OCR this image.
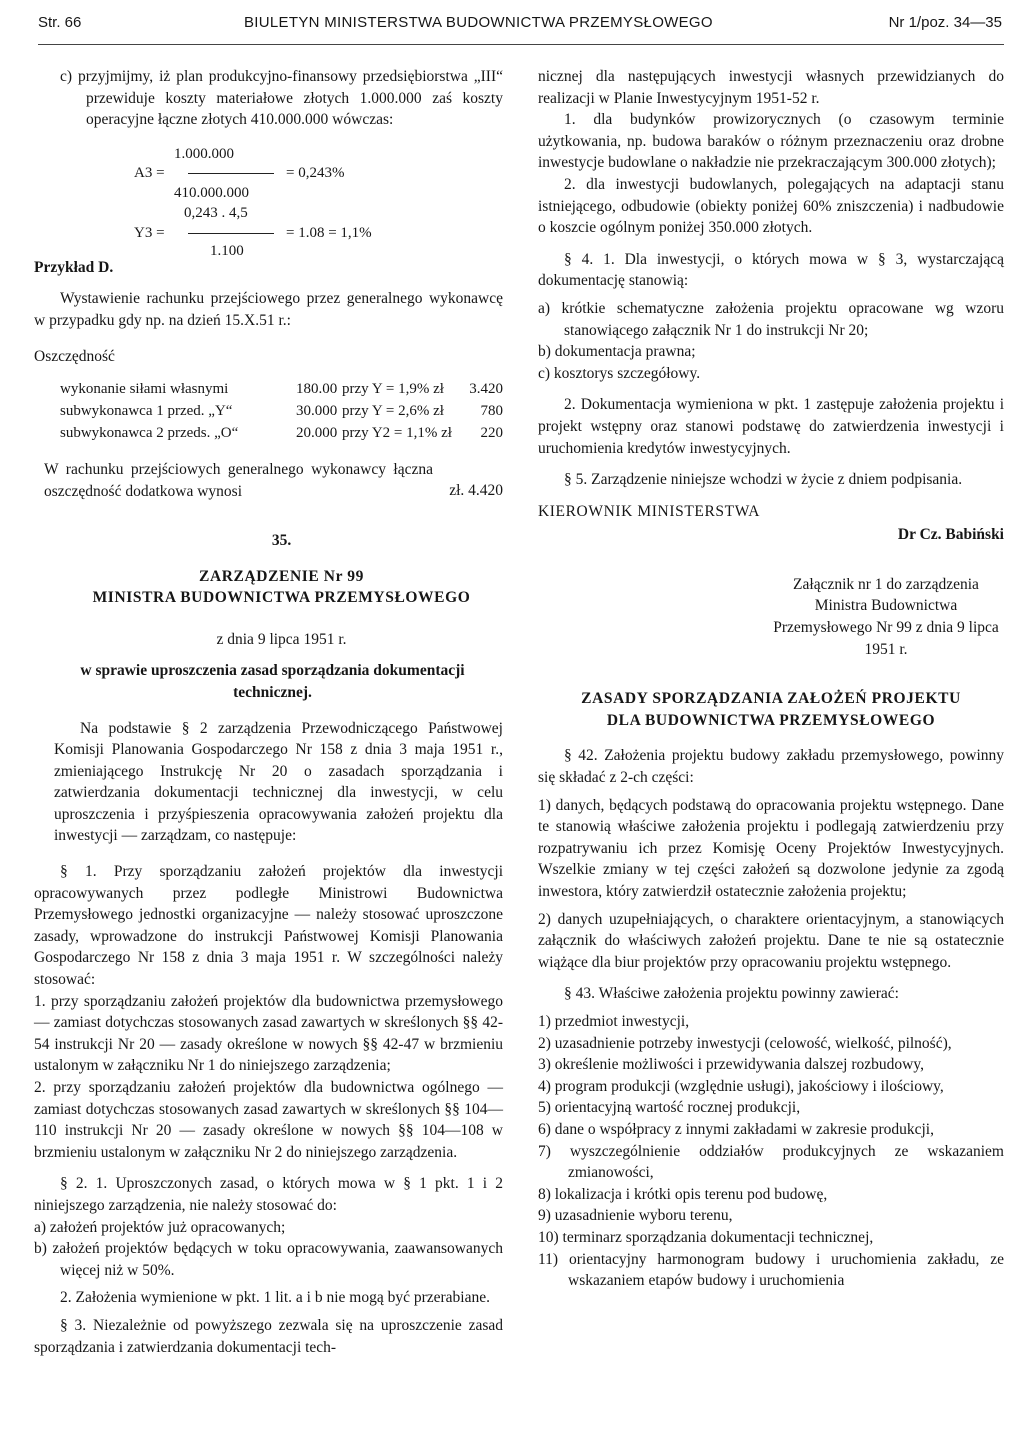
Str. 66	BIULETYN MINISTERSTWA BUDOWNICTWA PRZEMYSŁOWEGO	Nr 1/poz. 34—35

c) przyjmijmy, iż plan produkcyjno-finansowy przedsiębiorstwa „III“ przewiduje koszty materiałowe złotych 1.000.000 zaś koszty operacyjne łączne złotych 410.000.000 wówczas:

1.000.000
A3 =	= 0,243%
410.000.000
0,243 . 4,5
Y3 =	= 1.08 = 1,1%
1.100

Przykład D.

Wystawienie rachunku przejściowego przez generalnego wykonawcę w przypadku gdy np. na dzień 15.X.51 r.:

Oszczędność

wykonanie siłami własnymi	180.00	przy Y = 1,9% zł	3.420
subwykonawca 1 przed. „Y“	30.000	przy Y = 2,6% zł	780
subwykonawca 2 przeds. „O“	20.000	przy Y2 = 1,1% zł	220

W rachunku przejściowych generalnego wykonawcy łączna oszczędność dodatkowa wynosi	zł. 4.420

35.

ZARZĄDZENIE Nr 99

MINISTRA BUDOWNICTWA PRZEMYSŁOWEGO

z dnia 9 lipca 1951 r.

w sprawie uproszczenia zasad sporządzania dokumentacji technicznej.

Na podstawie § 2 zarządzenia Przewodniczącego Państwowej Komisji Planowania Gospodarczego Nr 158 z dnia 3 maja 1951 r., zmieniającego Instrukcję Nr 20 o zasadach sporządzania i zatwierdzania dokumentacji technicznej dla inwestycji, w celu uproszczenia i przyśpieszenia opracowywania założeń projektu dla inwestycji — zarządzam, co następuje:

§ 1. Przy sporządzaniu założeń projektów dla inwestycji opracowywanych przez podległe Ministrowi Budownictwa Przemysłowego jednostki organizacyjne — należy stosować uproszczone zasady, wprowadzone do instrukcji Państwowej Komisji Planowania Gospodarczego Nr 158 z dnia 3 maja 1951 r. W szczególności należy stosować:

1. przy sporządzaniu założeń projektów dla budownictwa przemysłowego — zamiast dotychczas stosowanych zasad zawartych w skreślonych §§ 42-54 instrukcji Nr 20 — zasady określone w nowych §§ 42-47 w brzmieniu ustalonym w załączniku Nr 1 do niniejszego zarządzenia;

2. przy sporządzaniu założeń projektów dla budownictwa ogólnego — zamiast dotychczas stosowanych zasad zawartych w skreślonych §§ 104—110 instrukcji Nr 20 — zasady określone w nowych §§ 104—108 w brzmieniu ustalonym w załączniku Nr 2 do niniejszego zarządzenia.

§ 2. 1. Uproszczonych zasad, o których mowa w § 1 pkt. 1 i 2 niniejszego zarządzenia, nie należy stosować do:

a) założeń projektów już opracowanych;

b) założeń projektów będących w toku opracowywania, zaawansowanych więcej niż w 50%.

2. Założenia wymienione w pkt. 1 lit. a i b nie mogą być przerabiane.

§ 3. Niezależnie od powyższego zezwala się na uproszczenie zasad sporządzania i zatwierdzania dokumentacji tech-

nicznej dla następujących inwestycji własnych przewidzianych do realizacji w Planie Inwestycyjnym 1951-52 r.

1. dla budynków prowizorycznych (o czasowym terminie użytkowania, np. budowa baraków o różnym przeznaczeniu oraz drobne inwestycje budowlane o nakładzie nie przekraczającym 300.000 złotych);

2. dla inwestycji budowlanych, polegających na adaptacji stanu istniejącego, odbudowie (obiekty poniżej 60% zniszczenia) i nadbudowie o koszcie ogólnym poniżej 350.000 złotych.

§ 4. 1. Dla inwestycji, o których mowa w § 3, wystarczającą dokumentację stanowią:

a) krótkie schematyczne założenia projektu opracowane wg wzoru stanowiącego załącznik Nr 1 do instrukcji Nr 20;

b) dokumentacja prawna;

c) kosztorys szczegółowy.

2. Dokumentacja wymieniona w pkt. 1 zastępuje założenia projektu i projekt wstępny oraz stanowi podstawę do zatwierdzenia inwestycji i uruchomienia kredytów inwestycyjnych.

§ 5. Zarządzenie niniejsze wchodzi w życie z dniem podpisania.

KIEROWNIK MINISTERSTWA

Dr Cz. Babiński

Załącznik nr 1 do zarządzenia Ministra Budownictwa Przemysłowego Nr 99 z dnia 9 lipca 1951 r.

ZASADY SPORZĄDZANIA ZAŁOŻEŃ PROJEKTU

DLA BUDOWNICTWA PRZEMYSŁOWEGO

§ 42. Założenia projektu budowy zakładu przemysłowego, powinny się składać z 2-ch części:

1) danych, będących podstawą do opracowania projektu wstępnego. Dane te stanowią właściwe założenia projektu i podlegają zatwierdzeniu przy rozpatrywaniu ich przez Komisję Oceny Projektów Inwestycyjnych. Wszelkie zmiany w tej części założeń są dozwolone jedynie za zgodą inwestora, który zatwierdził ostatecznie założenia projektu;

2) danych uzupełniających, o charaktere orientacyjnym, a stanowiących załącznik do właściwych założeń projektu. Dane te nie są ostatecznie wiążące dla biur projektów przy opracowaniu projektu wstępnego.

§ 43. Właściwe założenia projektu powinny zawierać:

1) przedmiot inwestycji,

2) uzasadnienie potrzeby inwestycji (celowość, wielkość, pilność),

3) określenie możliwości i przewidywania dalszej rozbudowy,

4) program produkcji (względnie usługi), jakościowy i ilościowy,

5) orientacyjną wartość rocznej produkcji,

6) dane o współpracy z innymi zakładami w zakresie produkcji,

7) wyszczególnienie oddziałów produkcyjnych ze wskazaniem zmianowości,

8) lokalizacja i krótki opis terenu pod budowę,

9) uzasadnienie wyboru terenu,

10) terminarz sporządzania dokumentacji technicznej,

11) orientacyjny harmonogram budowy i uruchomienia zakładu, ze wskazaniem etapów budowy i uruchomienia
